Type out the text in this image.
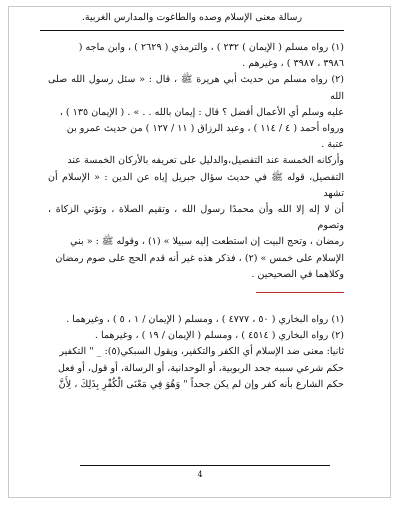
رسالة معنى الإسلام وصده والطاغوت والمدارس الغربية.

(١) رواه مسلم ( الإيمان ) ٢٣٢ ) ، والترمذي ( ٢٦٢٩ ) ، وابن ماجه (

٣٩٨٦ ، ٣٩٨٧ ) ، وغيرهم .

(٢) رواه مسلم من حديث أبي هريرة ﷺ ، قال : « سئل رسول الله صلى الله

عليه وسلم أي الأعمال أفضل ؟ قال : إيمان بالله . . » . ( الإيمان ١٣٥ ) ،

ورواه أحمد ( ٤ / ١١٤ ) ، وعبد الرزاق ( ١١ / ١٢٧ ) من حديث عمرو بن

عتبة .

وأركانه الخمسة عند التفصيل،والدليل على تعريفه بالأركان الخمسة عند

التفصيل، قوله ﷺ في حديث سؤال جبريل إياه عن الدين : « الإسلام أن تشهد

أن لا إله إلا الله وأن محمدًا رسول الله ، وتقيم الصلاة ، وتؤتي الزكاة ، وتصوم

رمضان ، وتحج البيت إن استطعت إليه سبيلا » (١) ، وقوله ﷺ : « بني

الإسلام على خمس » (٢) ، فذكر هذه غير أنه قدم الحج على صوم رمضان

وكلاهما في الصحيحين .

(١) رواه البخاري ( ٥٠ ، ٤٧٧٧ ) ، ومسلم ( الإيمان / ١ ، ٥ ) ، وغيرهما .

(٢) رواه البخاري ( ٤٥١٤ ) ، ومسلم ( الإيمان / ١٩ ) ، وغيرهما .

ثانيا: معنى ضد الإسلام أي الكفر والتكفير، ويقول السبكي(٥): _ " التكفير

حكم شرعي سببه جحد الربوبية، أو الوحدانية، أو الرسالة، أو قول، أو فعل

حكم الشارع بأنه كفر وإن لم يكن جحداً " وَهُوَ فِي مَعْنَى الْكُفْرِ بِذَلِكَ ، لِأَنَّ

4
